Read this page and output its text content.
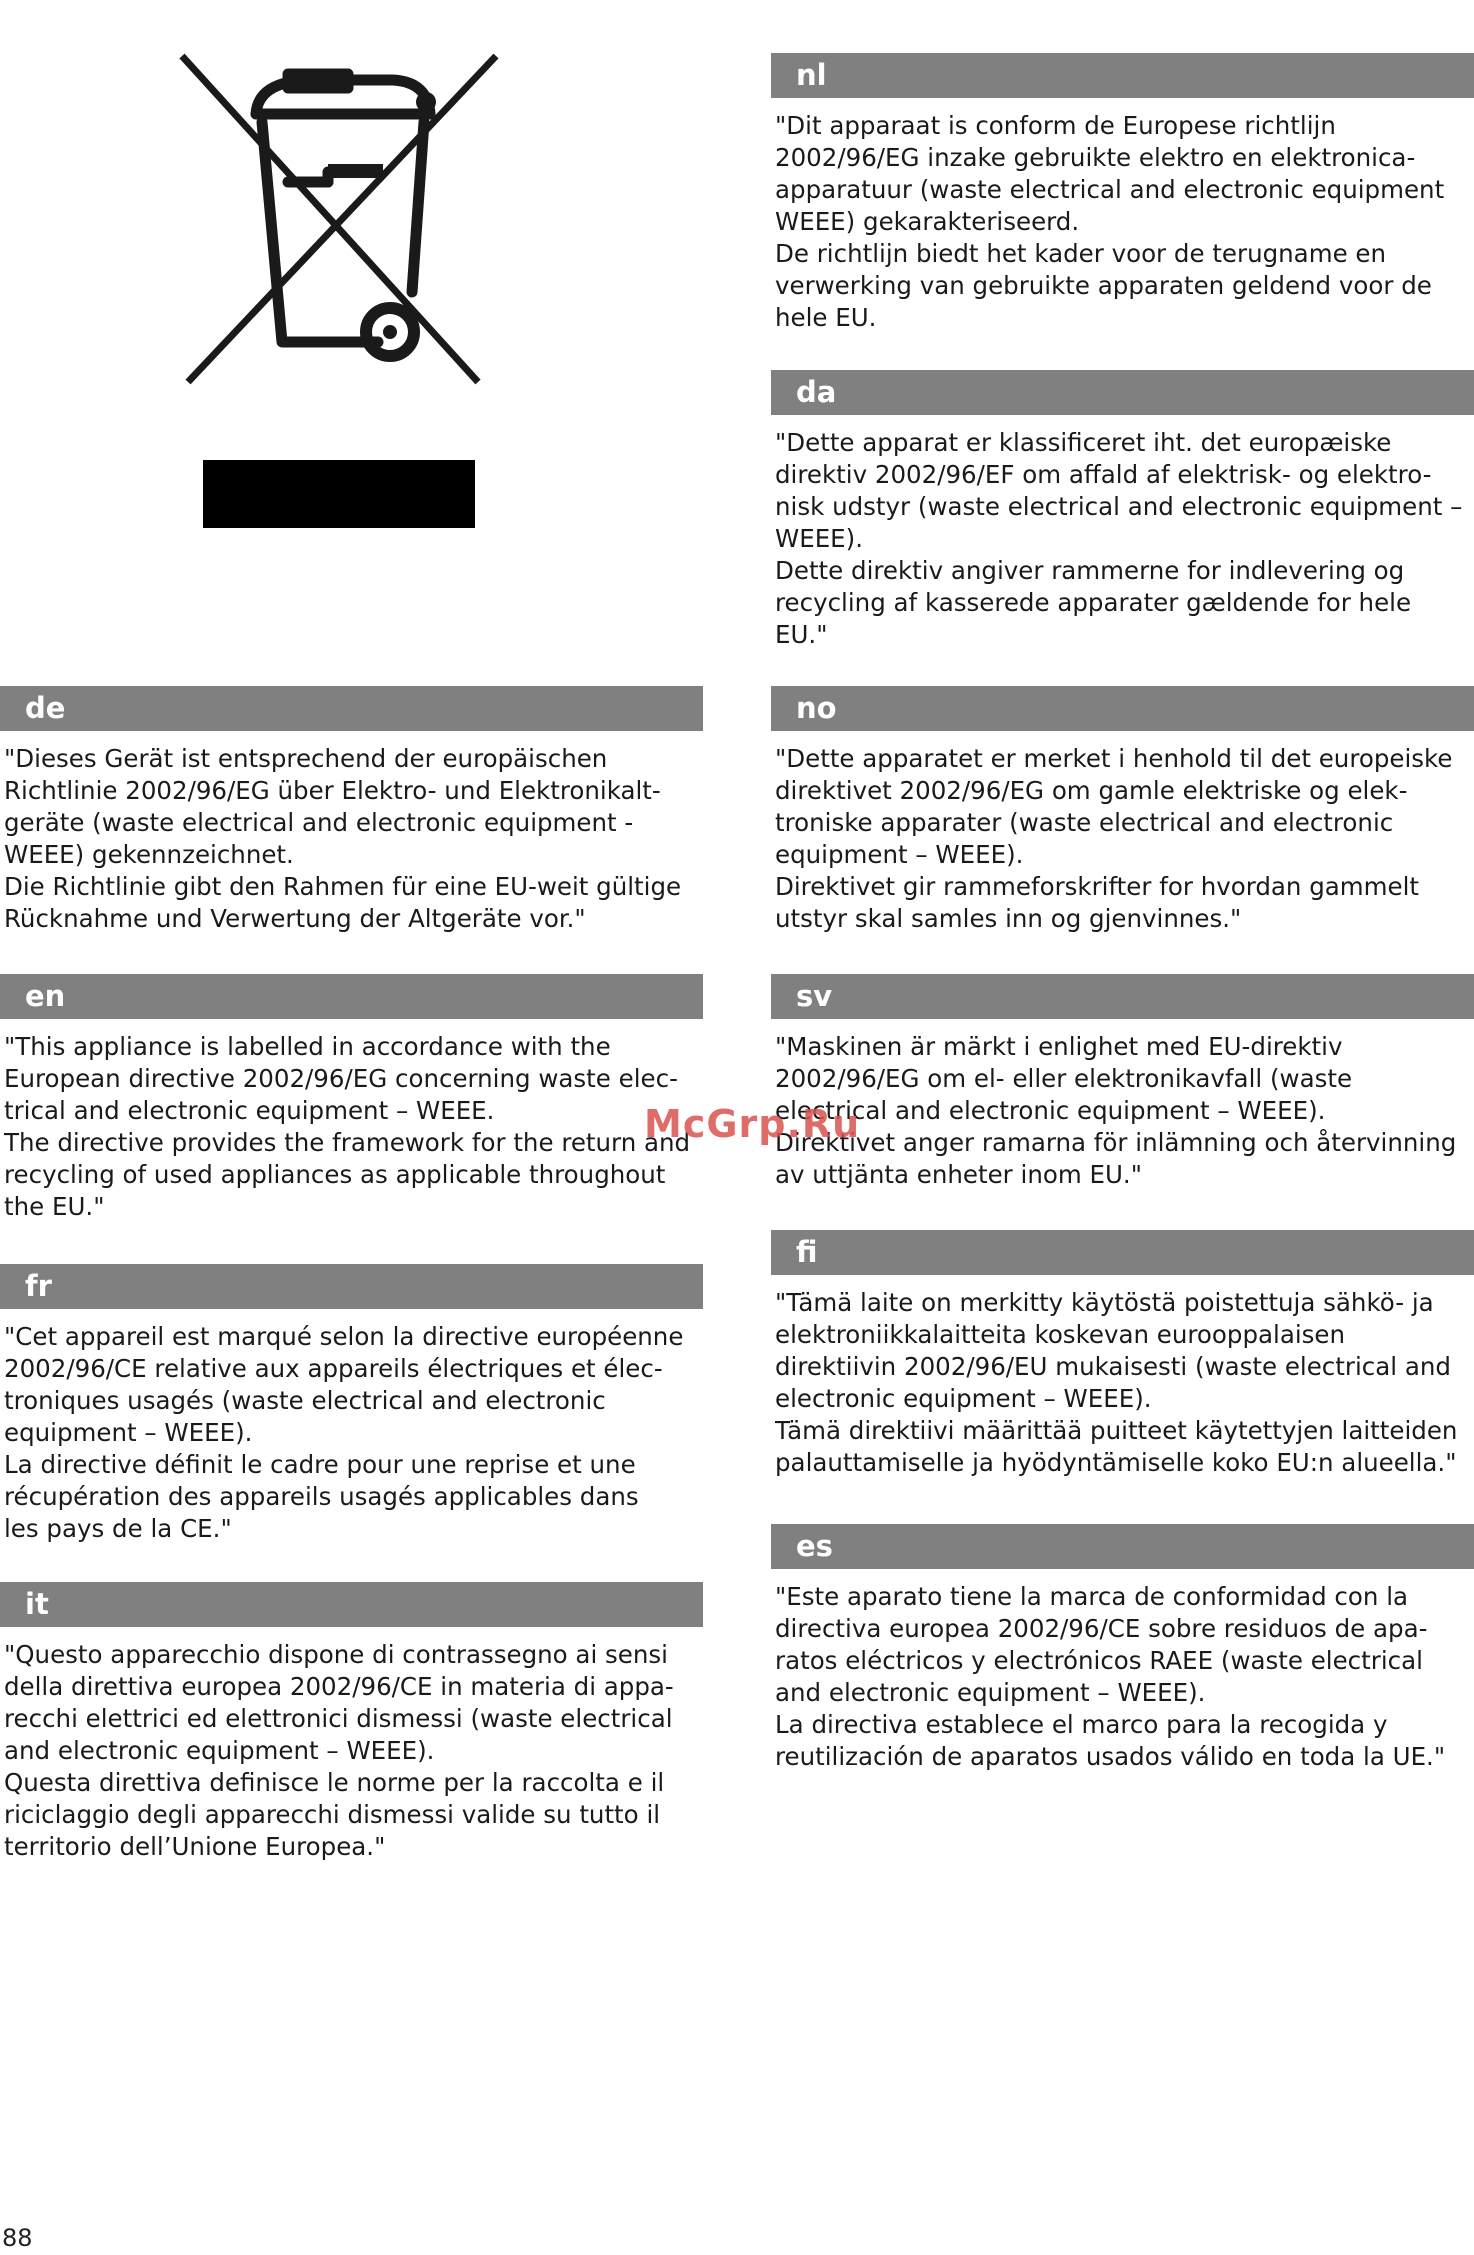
de
"Dieses Gerät ist entsprechend der europäischen
Richtlinie 2002/96/EG über Elektro- und Elektronikalt-
geräte (waste electrical and electronic equipment -
WEEE) gekennzeichnet.
Die Richtlinie gibt den Rahmen für eine EU-weit gültige
Rücknahme und Verwertung der Altgeräte vor."
en
"This appliance is labelled in accordance with the
European directive 2002/96/EG concerning waste elec-
trical and electronic equipment – WEEE.
The directive provides the framework for the return and
recycling of used appliances as applicable throughout
the EU."
fr
"Cet appareil est marqué selon la directive européenne
2002/96/CE relative aux appareils électriques et élec-
troniques usagés (waste electrical and electronic
equipment – WEEE).
La directive définit le cadre pour une reprise et une
récupération des appareils usagés applicables dans
les pays de la CE."
it
"Questo apparecchio dispone di contrassegno ai sensi
della direttiva europea 2002/96/CE in materia di appa-
recchi elettrici ed elettronici dismessi (waste electrical
and electronic equipment – WEEE).
Questa direttiva definisce le norme per la raccolta e il
riciclaggio degli apparecchi dismessi valide su tutto il
territorio dell’Unione Europea."
nl
"Dit apparaat is conform de Europese richtlijn
2002/96/EG inzake gebruikte elektro en elektronica-
apparatuur (waste electrical and electronic equipment
WEEE) gekarakteriseerd.
De richtlijn biedt het kader voor de terugname en
verwerking van gebruikte apparaten geldend voor de
hele EU.
da
"Dette apparat er klassificeret iht. det europæiske
direktiv 2002/96/EF om affald af elektrisk- og elektro-
nisk udstyr (waste electrical and electronic equipment –
WEEE).
Dette direktiv angiver rammerne for indlevering og
recycling af kasserede apparater gældende for hele
EU."
no
"Dette apparatet er merket i henhold til det europeiske
direktivet 2002/96/EG om gamle elektriske og elek-
troniske apparater (waste electrical and electronic
equipment – WEEE).
Direktivet gir rammeforskrifter for hvordan gammelt
utstyr skal samles inn og gjenvinnes."
sv
"Maskinen är märkt i enlighet med EU-direktiv
2002/96/EG om el- eller elektronikavfall (waste
electrical and electronic equipment – WEEE).
Direktivet anger ramarna för inlämning och återvinning
av uttjänta enheter inom EU."
fi
"Tämä laite on merkitty käytöstä poistettuja sähkö- ja
elektroniikkalaitteita koskevan eurooppalaisen
direktiivin 2002/96/EU mukaisesti (waste electrical and
electronic equipment – WEEE).
Tämä direktiivi määrittää puitteet käytettyjen laitteiden
palauttamiselle ja hyödyntämiselle koko EU:n alueella."
es
"Este aparato tiene la marca de conformidad con la
directiva europea 2002/96/CE sobre residuos de apa-
ratos eléctricos y electrónicos RAEE (waste electrical
and electronic equipment – WEEE).
La directiva establece el marco para la recogida y
reutilización de aparatos usados válido en toda la UE."
McGrp.Ru
88
